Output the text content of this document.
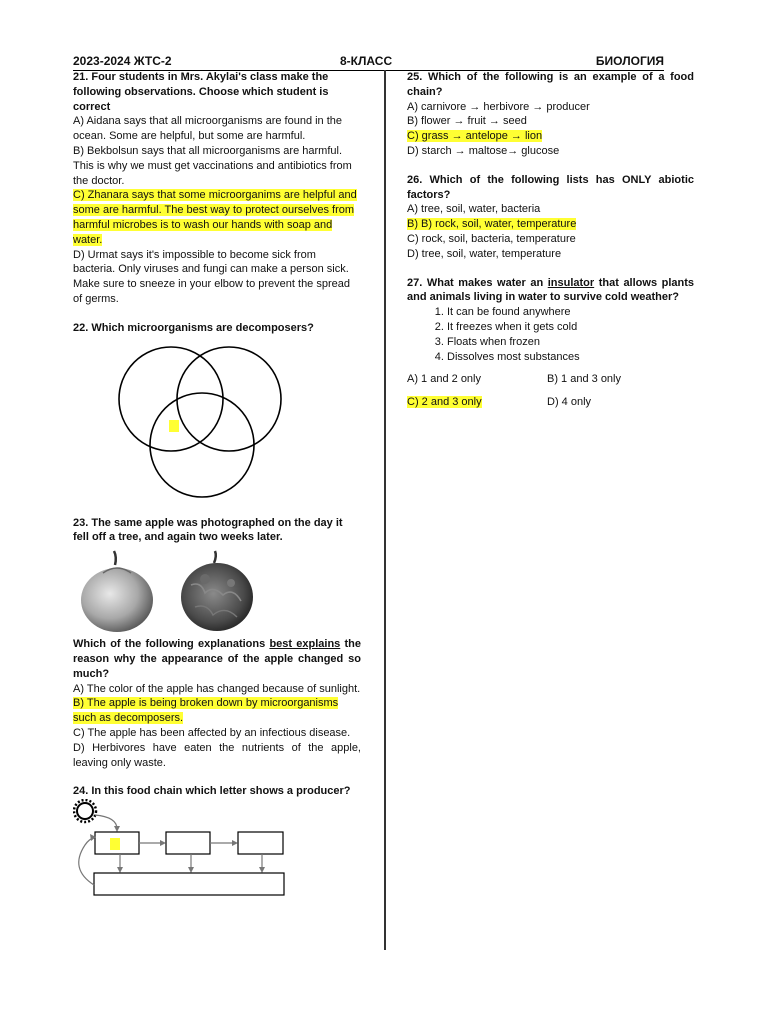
2023-2024 ЖТС-2	8-КЛАСС	БИОЛОГИЯ

21. Four students in Mrs. Akylai's class make the following observations. Choose which student is correct

A) Aidana says that all microorganisms are found in the ocean. Some are helpful, but some are harmful.

B) Bekbolsun says that all microorganisms are harmful. This is why we must get vaccinations and antibiotics from the doctor.

C) Zhanara says that some microorganims are helpful and some are harmful. The best way to protect ourselves from harmful microbes is to wash our hands with soap and water.

D) Urmat says it's impossible to become sick from bacteria. Only viruses and fungi can make a person sick. Make sure to sneeze in your elbow to prevent the spread of germs.

22. Which microorganisms are decomposers?

23. The same apple was photographed on the day it fell off a tree, and again two weeks later.

Which of the following explanations best explains the reason why the appearance of the apple changed so much?

A) The color of the apple has changed because of sunlight.

B) The apple is being broken down by microorganisms such as decomposers.

C) The apple has been affected by an infectious disease.

D) Herbivores have eaten the nutrients of the apple, leaving only waste.

24. In this food chain which letter shows a producer?

25. Which of the following is an example of a food chain?

A) carnivore → herbivore → producer

B) flower → fruit → seed

C) grass → antelope → lion

D) starch → maltose→ glucose

26. Which of the following lists has ONLY abiotic factors?

A) tree, soil, water, bacteria

B) B) rock, soil, water, temperature

C) rock, soil, bacteria, temperature

D) tree, soil, water, temperature

27. What makes water an insulator that allows plants and animals living in water to survive cold weather?

1. It can be found anywhere
2. It freezes when it gets cold
3. Floats when frozen
4. Dissolves most substances
A) 1 and 2 only	B) 1 and 3 only
C) 2 and 3 only	D) 4 only
